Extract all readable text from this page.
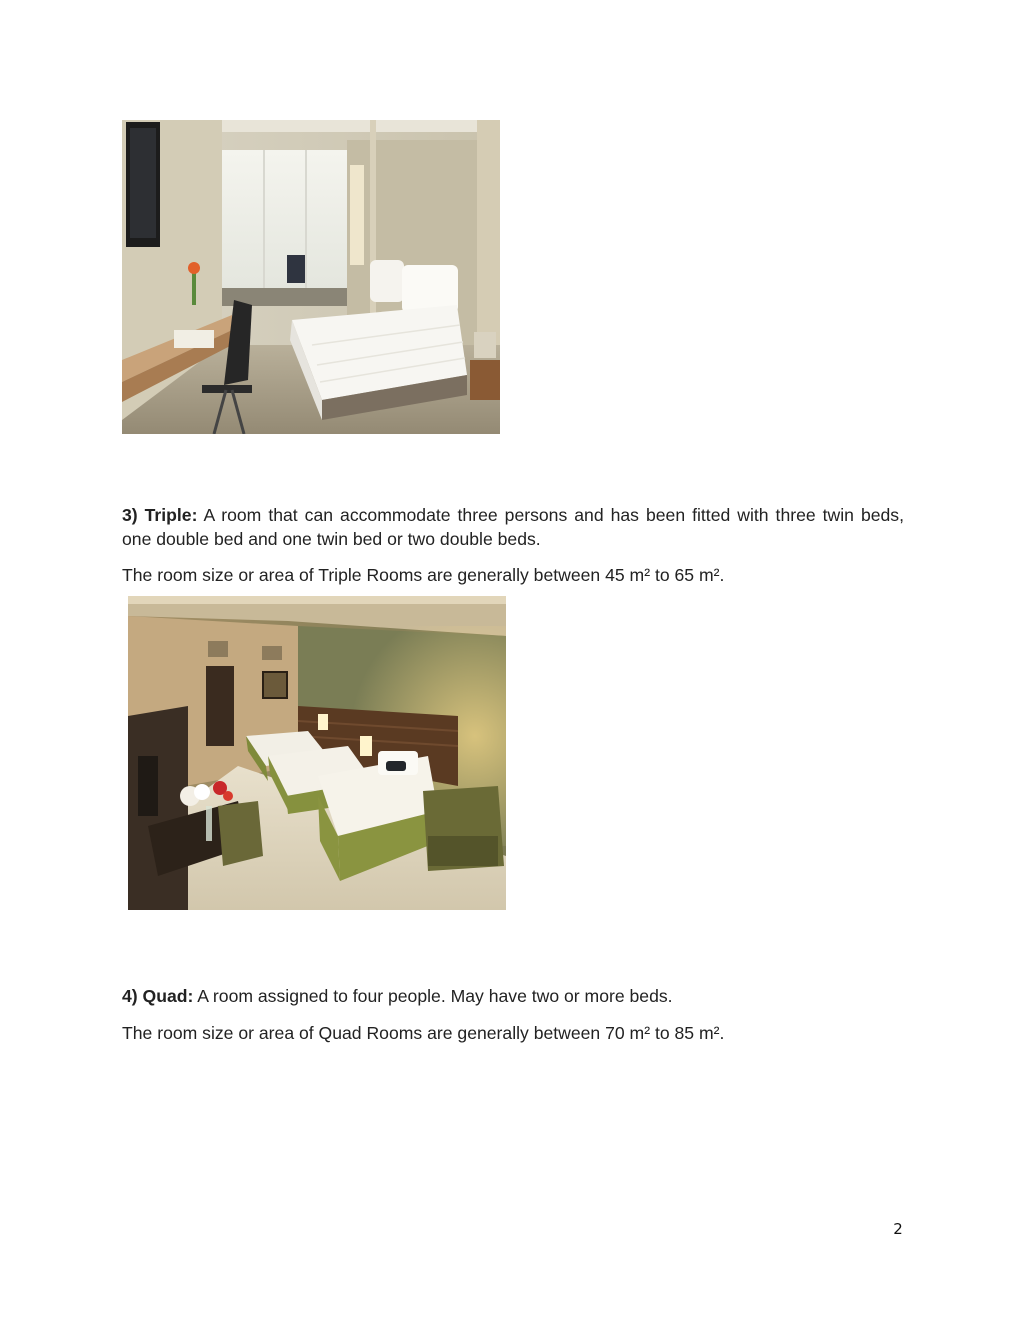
3) Triple: A room that can accommodate three persons and has been fitted with three twin beds, one double bed and one twin bed or two double beds.

The room size or area of Triple Rooms are generally between 45 m² to 65 m².

4) Quad: A room assigned to four people. May have two or more beds.

The room size or area of Quad Rooms are generally between 70 m² to 85 m².

2
